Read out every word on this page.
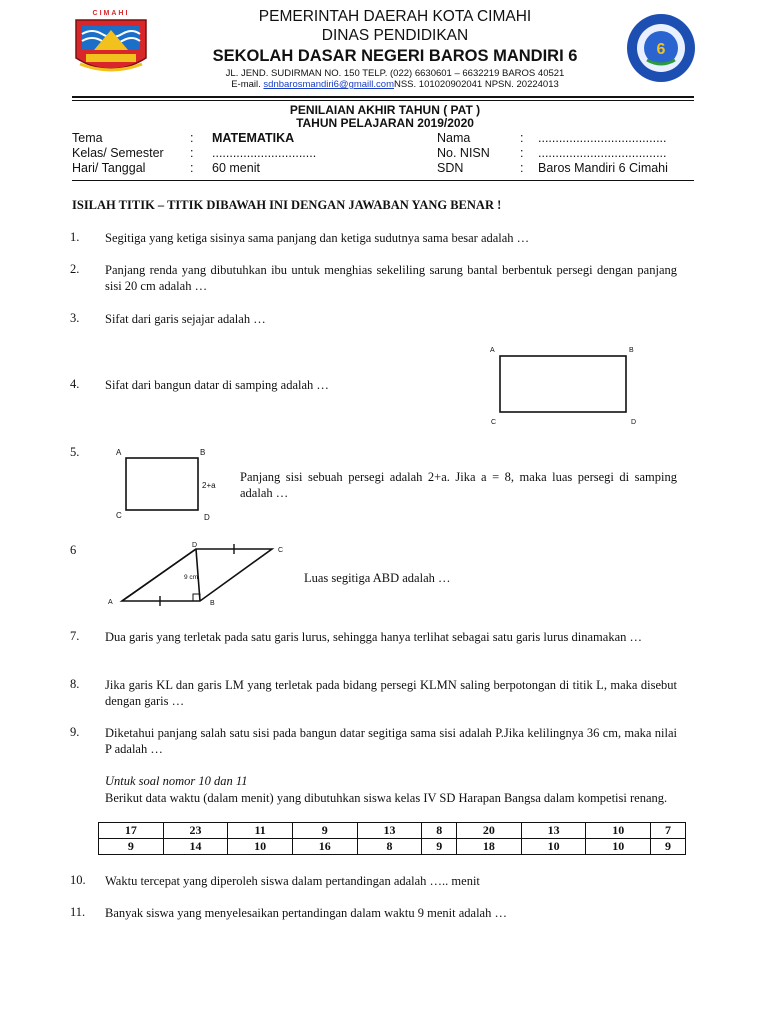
CIMAHI
6
PEMERINTAH DAERAH KOTA CIMAHI
DINAS PENDIDIKAN
SEKOLAH DASAR NEGERI BAROS MANDIRI 6
JL. JEND. SUDIRMAN NO. 150 TELP. (022) 6630601 – 6632219 BAROS 40521
E-mail. sdnbarosmandiri6@gmaill.comNSS. 101020902041 NPSN. 20224013
PENILAIAN AKHIR TAHUN ( PAT )
TAHUN PELAJARAN 2019/2020
Tema	: MATEMATIKA
Kelas/ Semester : ..............................
Hari/ Tanggal	: 60 menit
Nama	: .....................................
No. NISN : .....................................
SDN	: Baros Mandiri 6 Cimahi
ISILAH TITIK – TITIK DIBAWAH INI DENGAN JAWABAN YANG BENAR !
1. Segitiga yang ketiga sisinya sama panjang dan ketiga sudutnya sama besar adalah …
2. Panjang renda yang dibutuhkan ibu untuk menghias sekeliling sarung bantal berbentuk persegi dengan panjang sisi 20 cm adalah …
3. Sifat dari garis sejajar adalah …
4. Sifat dari bangun datar di samping adalah …
A	B
C	D
5.	A	B
C	D
2+a
Panjang sisi sebuah persegi adalah 2+a. Jika a = 8, maka luas persegi di samping adalah …
6	D
C
A	B
9 cm	Luas segitiga ABD adalah …
7. Dua garis yang terletak pada satu garis lurus, sehingga hanya terlihat sebagai satu garis lurus dinamakan …
8. Jika garis KL dan garis LM yang terletak pada bidang persegi KLMN saling berpotongan di titik L, maka disebut dengan garis …
9. Diketahui panjang salah satu sisi pada bangun datar segitiga sama sisi adalah P.Jika kelilingnya 36 cm, maka nilai P adalah …
Untuk soal nomor 10 dan 11
Berikut data waktu (dalam menit) yang dibutuhkan siswa kelas IV SD Harapan Bangsa dalam kompetisi renang.
17	23	11	9	13	8	20	13	10	7
9	14	10	16	8	9	18	10	10	9
10. Waktu tercepat yang diperoleh siswa dalam pertandingan adalah ….. menit
11. Banyak siswa yang menyelesaikan pertandingan dalam waktu 9 menit adalah …
